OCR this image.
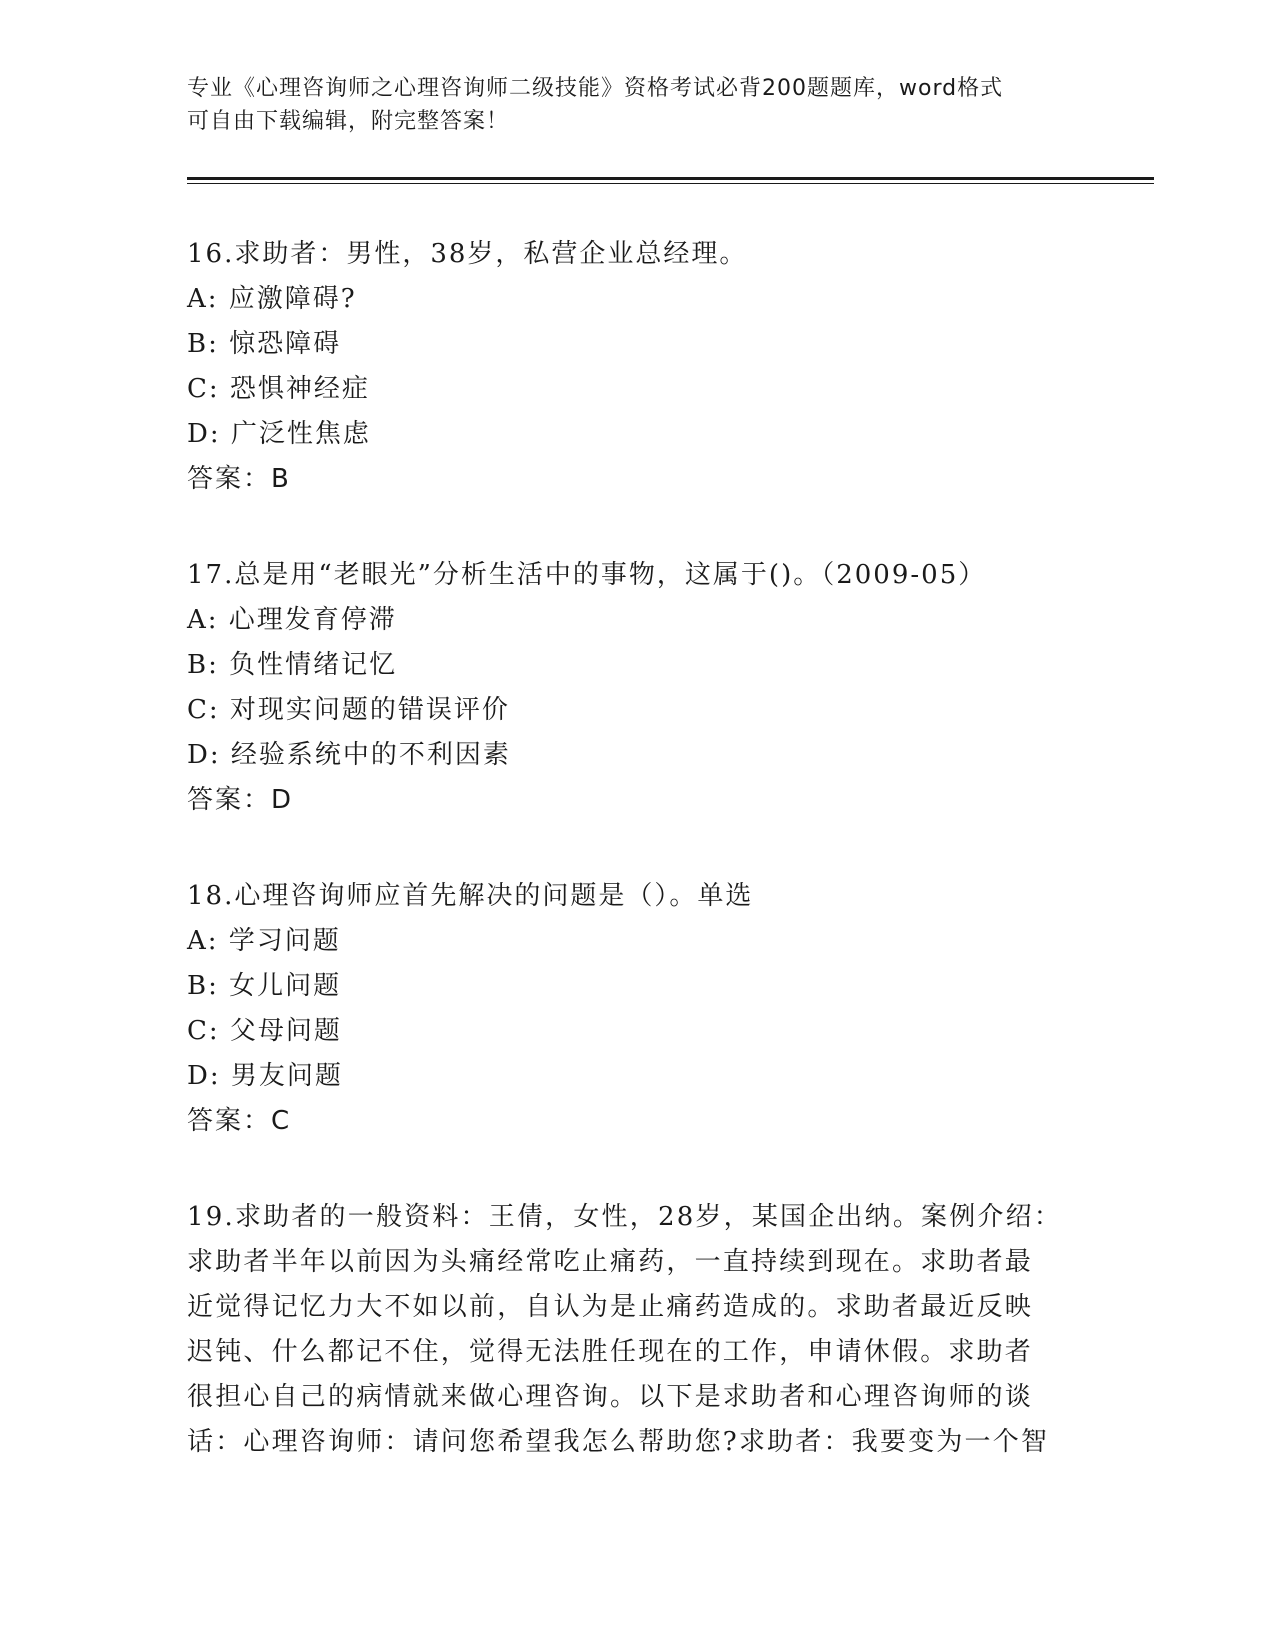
专业《心理咨询师之心理咨询师二级技能》资格考试必背200题题库，word格式
可自由下载编辑，附完整答案！
16.求助者：男性，38岁，私营企业总经理。
A: 应激障碍?
B: 惊恐障碍
C: 恐惧神经症
D: 广泛性焦虑
答案：B
17.总是用“老眼光”分析生活中的事物，这属于()。（2009-05）
A: 心理发育停滞
B: 负性情绪记忆
C: 对现实问题的错误评价
D: 经验系统中的不利因素
答案：D
18.心理咨询师应首先解决的问题是（）。单选
A: 学习问题
B: 女儿问题
C: 父母问题
D: 男友问题
答案：C
19.求助者的一般资料：王倩，女性，28岁，某国企出纳。案例介绍：
求助者半年以前因为头痛经常吃止痛药，一直持续到现在。求助者最
近觉得记忆力大不如以前，自认为是止痛药造成的。求助者最近反映
迟钝、什么都记不住，觉得无法胜任现在的工作，申请休假。求助者
很担心自己的病情就来做心理咨询。以下是求助者和心理咨询师的谈
话：心理咨询师：请问您希望我怎么帮助您?求助者：我要变为一个智
